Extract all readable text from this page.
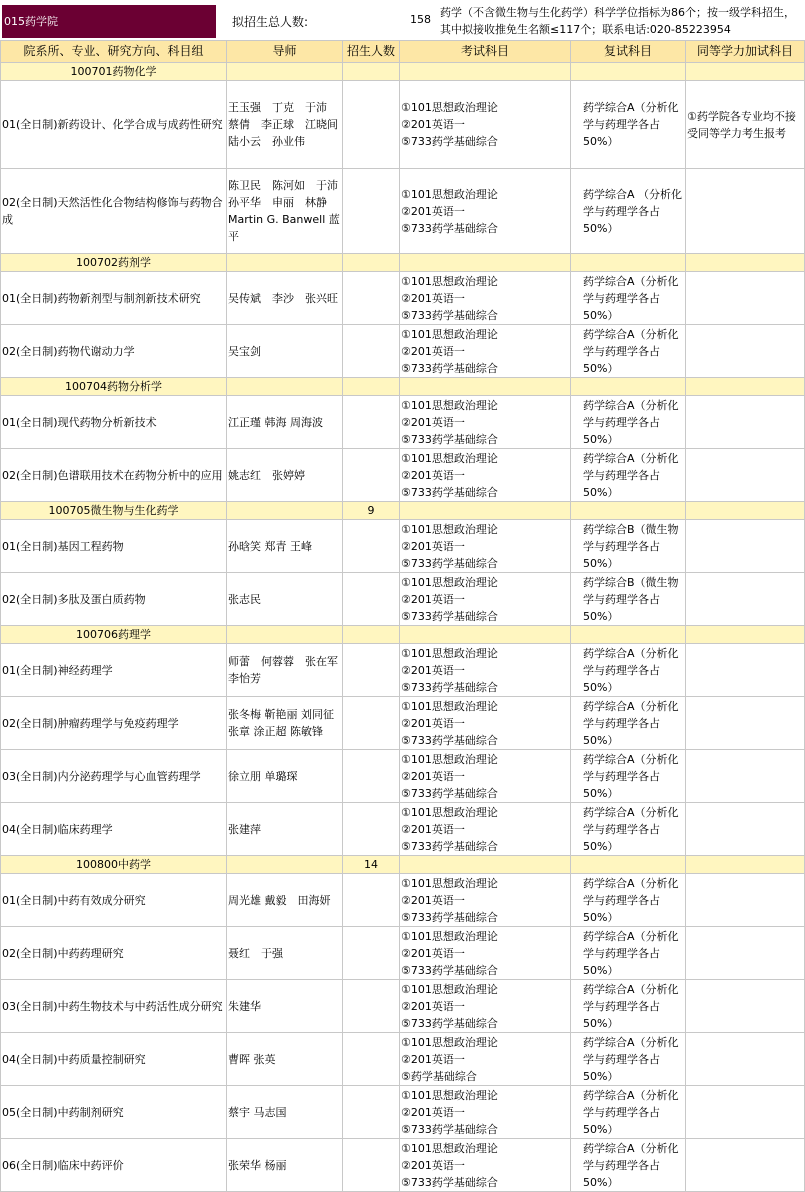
015药学院	拟招生总人数:	158
药学（不含微生物与生化药学）科学学位指标为86个；按一级学科招生，其中拟接收推免生名额≤117个；联系电话:020-85223954
院系所、专业、研究方向、科目组	导师	招生人数	考试科目	复试科目	同等学力加试科目
100701药物化学					
01(全日制)新药设计、化学合成与成药性研究	王玉强　丁克　于沛　蔡倩　李正球　江晓间　陆小云　孙业伟		①101思想政治理论
②201英语一
⑤733药学基础综合	药学综合A（分析化学与药理学各占50%）	①药学院各专业均不接受同等学力考生报考
02(全日制)天然活性化合物结构修饰与药物合成	陈卫民　陈河如　于沛　孙平华　申丽　林静　Martin G. Banwell 蓝平		①101思想政治理论
②201英语一
⑤733药学基础综合	药学综合A （分析化学与药理学各占50%）	
100702药剂学					
01(全日制)药物新剂型与制剂新技术研究	吴传斌　李沙　张兴旺		①101思想政治理论
②201英语一
⑤733药学基础综合	药学综合A（分析化学与药理学各占50%）	
02(全日制)药物代谢动力学	吴宝剑		①101思想政治理论
②201英语一
⑤733药学基础综合	药学综合A（分析化学与药理学各占50%）	
100704药物分析学					
01(全日制)现代药物分析新技术	江正瑾 韩海 周海波		①101思想政治理论
②201英语一
⑤733药学基础综合	药学综合A（分析化学与药理学各占50%）	
02(全日制)色谱联用技术在药物分析中的应用	姚志红　张婷婷		①101思想政治理论
②201英语一
⑤733药学基础综合	药学综合A（分析化学与药理学各占50%）	
100705微生物与生化药学		9			
01(全日制)基因工程药物	孙晗笑 郑青 王峰		①101思想政治理论
②201英语一
⑤733药学基础综合	药学综合B（微生物学与药理学各占50%）	
02(全日制)多肽及蛋白质药物	张志民		①101思想政治理论
②201英语一
⑤733药学基础综合	药学综合B（微生物学与药理学各占50%）	
100706药理学					
01(全日制)神经药理学	师蕾　何蓉蓉　张在军　李怡芳		①101思想政治理论
②201英语一
⑤733药学基础综合	药学综合A（分析化学与药理学各占50%）	
02(全日制)肿瘤药理学与免疫药理学	张冬梅 靳艳丽 刘同征 张章 涂正超 陈敏锋		①101思想政治理论
②201英语一
⑤733药学基础综合	药学综合A（分析化学与药理学各占50%）	
03(全日制)内分泌药理学与心血管药理学	徐立朋 单璐琛		①101思想政治理论
②201英语一
⑤733药学基础综合	药学综合A（分析化学与药理学各占50%）	
04(全日制)临床药理学	张建萍		①101思想政治理论
②201英语一
⑤733药学基础综合	药学综合A（分析化学与药理学各占50%）	
100800中药学		14			
01(全日制)中药有效成分研究	周光雄 戴毅　田海妍		①101思想政治理论
②201英语一
⑤733药学基础综合	药学综合A（分析化学与药理学各占50%）	
02(全日制)中药药理研究	聂红　于强		①101思想政治理论
②201英语一
⑤733药学基础综合	药学综合A（分析化学与药理学各占50%）	
03(全日制)中药生物技术与中药活性成分研究	朱建华		①101思想政治理论
②201英语一
⑤733药学基础综合	药学综合A（分析化学与药理学各占50%）	
04(全日制)中药质量控制研究	曹晖 张英		①101思想政治理论
②201英语一
⑤药学基础综合	药学综合A（分析化学与药理学各占50%）	
05(全日制)中药制剂研究	蔡宇 马志国		①101思想政治理论
②201英语一
⑤733药学基础综合	药学综合A（分析化学与药理学各占50%）	
06(全日制)临床中药评价	张荣华 杨丽		①101思想政治理论
②201英语一
⑤733药学基础综合	药学综合A（分析化学与药理学各占50%）	
